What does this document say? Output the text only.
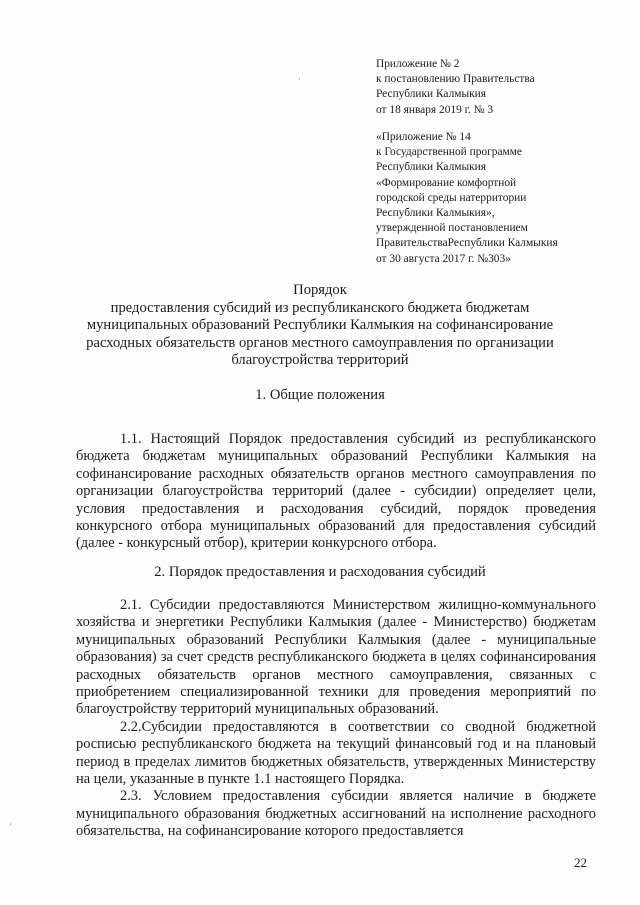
·
'
Приложение № 2
к постановлению Правительства
Республики Калмыкия
от 18 января 2019 г. № 3
«Приложение № 14
к Государственной программе
Республики Калмыкия
«Формирование комфортной
городской среды натерритории
Республики Калмыкия»,
утвержденной постановлением
ПравительстваРеспублики Калмыкия
от 30 августа 2017 г. №303»
Порядок
предоставления субсидий из республиканского бюджета бюджетам
муниципальных образований Республики Калмыкия на софинансирование
расходных обязательств органов местного самоуправления по организации
благоустройства территорий
1. Общие положения

1.1. Настоящий Порядок предоставления субсидий из республиканского бюджета бюджетам муниципальных образований Республики Калмыкия на софинансирование расходных обязательств органов местного самоуправления по организации благоустройства территорий (далее - субсидии) определяет цели, условия предоставления и расходования субсидий, порядок проведения конкурсного отбора муниципальных образований для предоставления субсидий (далее - конкурсный отбор), критерии конкурсного отбора.

2. Порядок предоставления и расходования субсидий

2.1. Субсидии предоставляются Министерством жилищно-коммунального хозяйства и энергетики Республики Калмыкия (далее - Министерство) бюджетам муниципальных образований Республики Калмыкия (далее - муниципальные образования) за счет средств республиканского бюджета в целях софинансирования расходных обязательств органов местного самоуправления, связанных с приобретением специализированной техники для проведения мероприятий по благоустройству территорий муниципальных образований.

2.2.Субсидии предоставляются в соответствии со сводной бюджетной росписью республиканского бюджета на текущий финансовый год и на плановый период в пределах лимитов бюджетных обязательств, утвержденных Министерству на цели, указанные в пункте 1.1 настоящего Порядка.

2.3. Условием предоставления субсидии является наличие в бюджете муниципального образования бюджетных ассигнований на исполнение расходного обязательства, на софинансирование которого предоставляется

22
